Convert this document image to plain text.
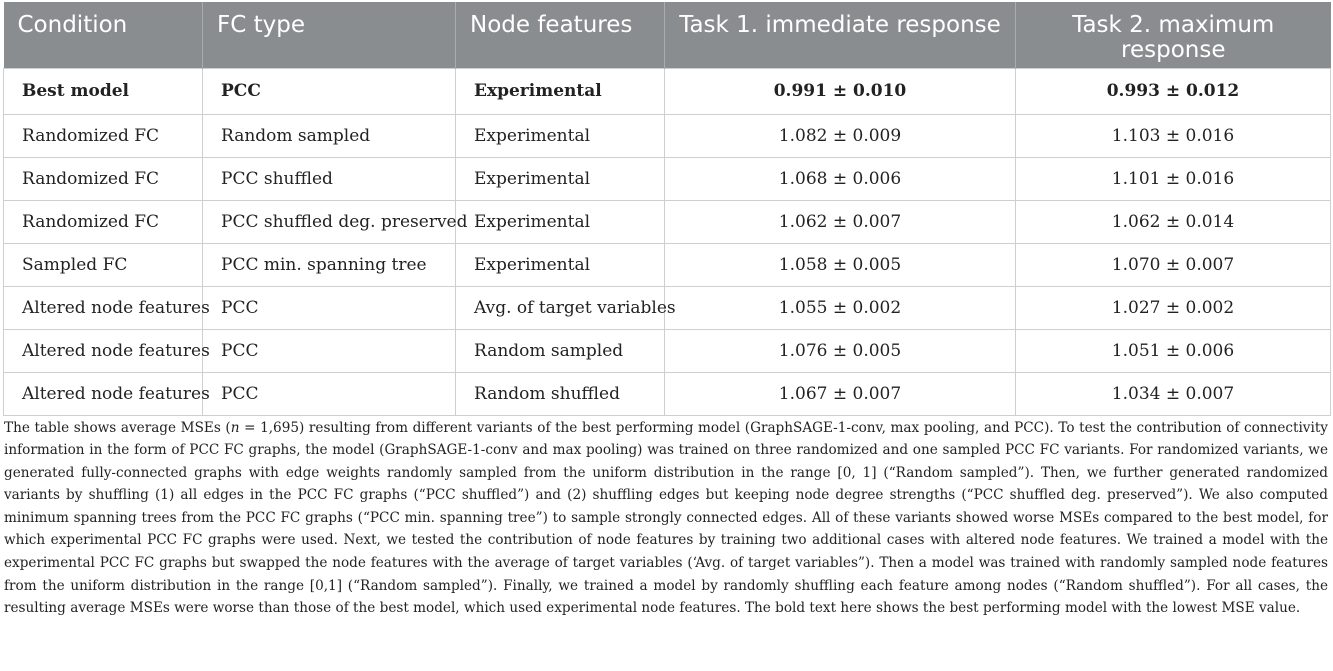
Condition	FC type	Node features	Task 1. immediate response	Task 2. maximum response
Best model	PCC	Experimental	0.991 ± 0.010	0.993 ± 0.012
Randomized FC	Random sampled	Experimental	1.082 ± 0.009	1.103 ± 0.016
Randomized FC	PCC shuffled	Experimental	1.068 ± 0.006	1.101 ± 0.016
Randomized FC	PCC shuffled deg. preserved	Experimental	1.062 ± 0.007	1.062 ± 0.014
Sampled FC	PCC min. spanning tree	Experimental	1.058 ± 0.005	1.070 ± 0.007
Altered node features	PCC	Avg. of target variables	1.055 ± 0.002	1.027 ± 0.002
Altered node features	PCC	Random sampled	1.076 ± 0.005	1.051 ± 0.006
Altered node features	PCC	Random shuffled	1.067 ± 0.007	1.034 ± 0.007

The table shows average MSEs (n = 1,695) resulting from different variants of the best performing model (GraphSAGE-1-conv, max pooling, and PCC). To test the contribution of connectivity information in the form of PCC FC graphs, the model (GraphSAGE-1-conv and max pooling) was trained on three randomized and one sampled PCC FC variants. For randomized variants, we generated fully-connected graphs with edge weights randomly sampled from the uniform distribution in the range [0, 1] (“Random sampled”). Then, we further generated randomized variants by shuffling (1) all edges in the PCC FC graphs (“PCC shuffled”) and (2) shuffling edges but keeping node degree strengths (“PCC shuffled deg. preserved”). We also computed minimum spanning trees from the PCC FC graphs (“PCC min. spanning tree”) to sample strongly connected edges. All of these variants showed worse MSEs compared to the best model, for which experimental PCC FC graphs were used. Next, we tested the contribution of node features by training two additional cases with altered node features. We trained a model with the experimental PCC FC graphs but swapped the node features with the average of target variables (‘Avg. of target variables”). Then a model was trained with randomly sampled node features from the uniform distribution in the range [0,1] (“Random sampled”). Finally, we trained a model by randomly shuffling each feature among nodes (“Random shuffled”). For all cases, the resulting average MSEs were worse than those of the best model, which used experimental node features. The bold text here shows the best performing model with the lowest MSE value.
